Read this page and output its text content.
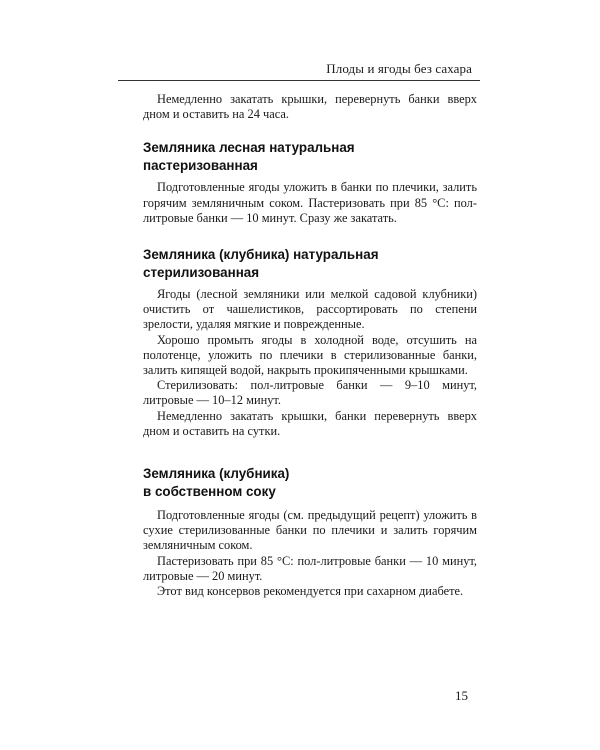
Плоды и ягоды без сахара

Немедленно закатать крышки, перевернуть банки вверх дном и оставить на 24 часа.

Земляника лесная натуральная
пастеризованная

Подготовленные ягоды уложить в банки по плечики, залить горячим земляничным соком. Пастеризовать при 85 °С: пол-литровые банки — 10 минут. Сразу же закатать.

Земляника (клубника) натуральная
стерилизованная

Ягоды (лесной земляники или мелкой садовой клубники) очистить от чашелистиков, рассортировать по степени зрелости, удаляя мягкие и поврежденные.

Хорошо промыть ягоды в холодной воде, отсушить на полотенце, уложить по плечики в стерилизованные банки, залить кипящей водой, накрыть прокипяченными крышками.

Стерилизовать: пол-литровые банки — 9–10 минут, литровые — 10–12 минут.

Немедленно закатать крышки, банки перевернуть вверх дном и оставить на сутки.

Земляника (клубника)
в собственном соку

Подготовленные ягоды (см. предыдущий рецепт) уложить в сухие стерилизованные банки по плечики и залить горячим земляничным соком.

Пастеризовать при 85 °С: пол-литровые банки — 10 минут, литровые — 20 минут.

Этот вид консервов рекомендуется при сахарном диабете.

15
